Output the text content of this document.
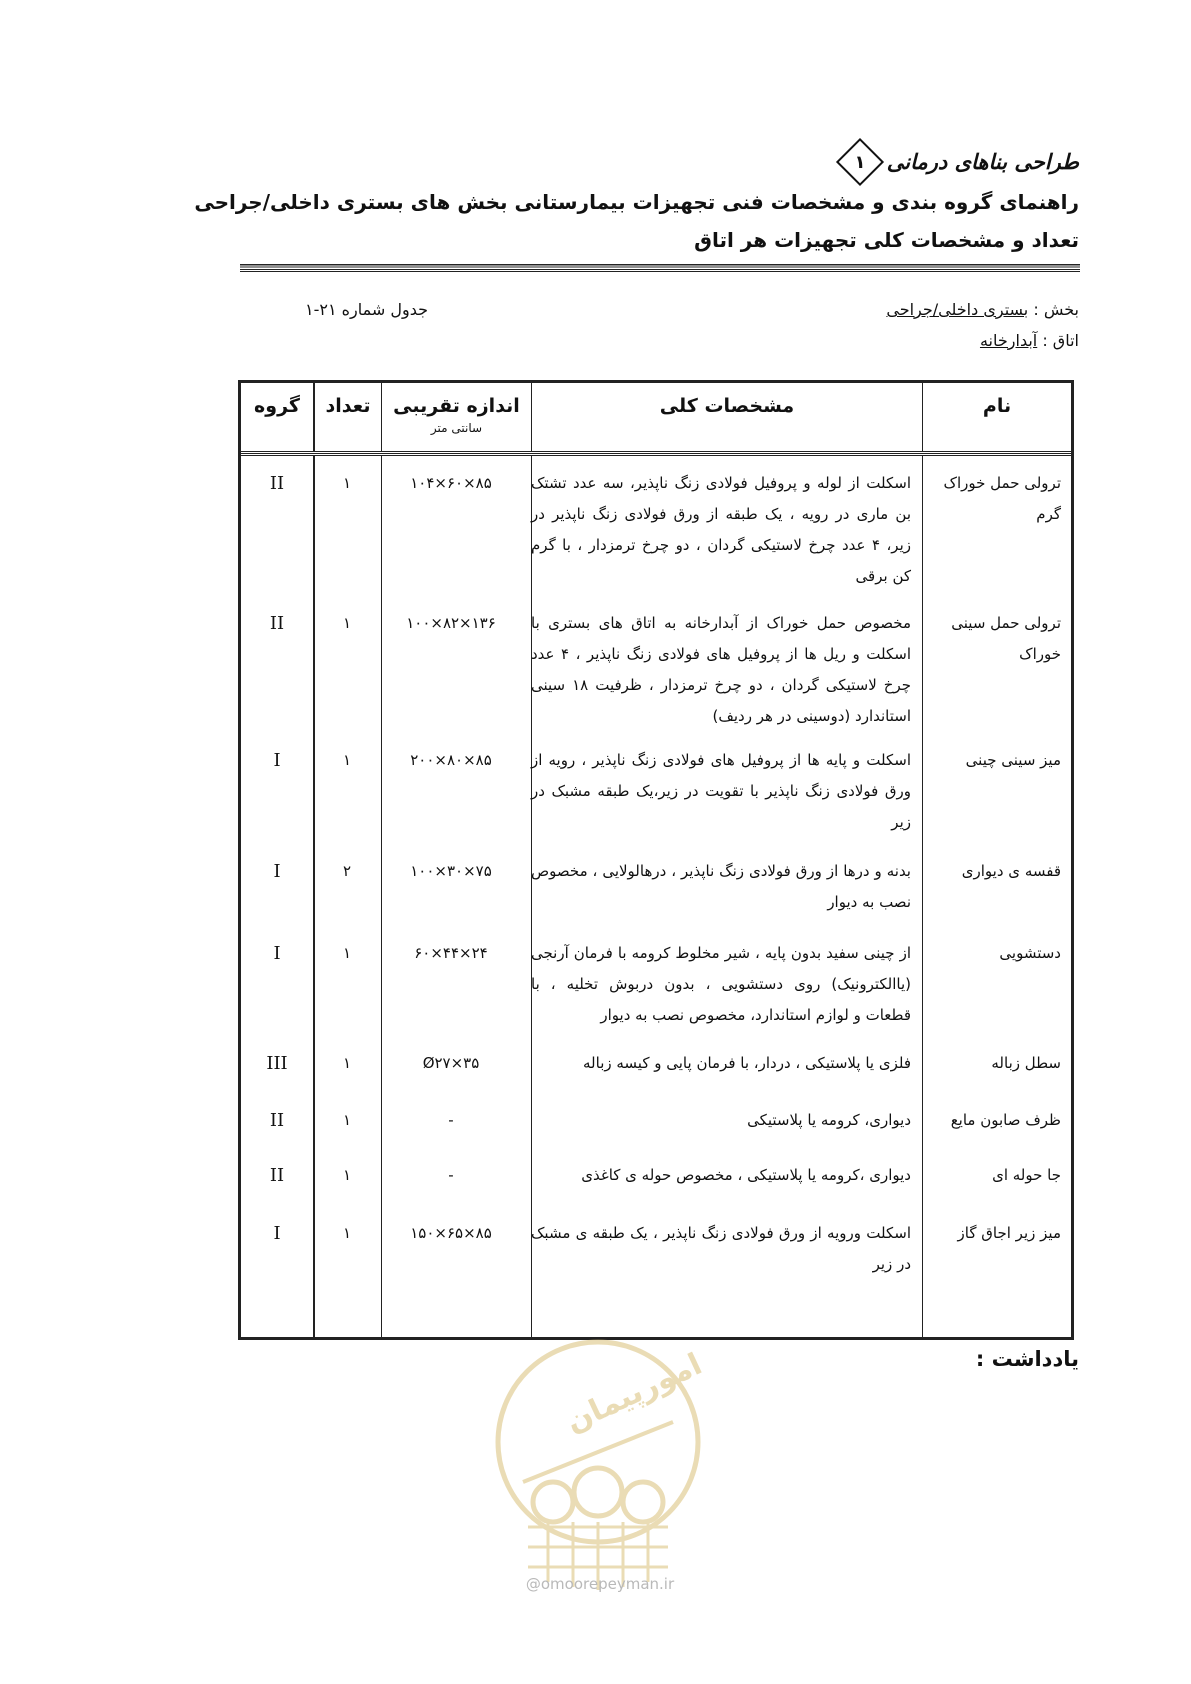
طراحی بناهای درمانی
۱
راهنمای گروه بندی و مشخصات فنی تجهیزات بیمارستانی بخش های بستری داخلی/جراحی
تعداد و مشخصات کلی تجهیزات هر اتاق
بخش : بستری داخلی/جراحی
اتاق : آبدارخانه
جدول شماره ۲۱-۱
نام
مشخصات کلی
اندازه تقریبی
سانتی متر
تعداد
گروه
ترولی حمل خوراک گرم
اسکلت از لوله و پروفیل فولادی زنگ ناپذیر، سه عدد تشتک بن ماری در رویه ، یک طبقه از ورق فولادی زنگ ناپذیر در زیر، ۴ عدد چرخ لاستیکی گردان ، دو چرخ ترمزدار ، با گرم کن برقی
۱۰۴×۶۰×۸۵
۱
II
ترولی حمل سینی خوراک
مخصوص حمل خوراک از آبدارخانه به اتاق های بستری با اسکلت و ریل ها از پروفیل های فولادی زنگ ناپذیر ، ۴ عدد چرخ لاستیکی گردان ، دو چرخ ترمزدار ، ظرفیت ۱۸ سینی استاندارد (دوسینی در هر ردیف)
۱۰۰×۸۲×۱۳۶
۱
II
میز سینی چینی
اسکلت و پایه ها از پروفیل های فولادی زنگ ناپذیر ، رویه از ورق فولادی زنگ ناپذیر با تقویت در زیر،یک طبقه مشبک در زیر
۲۰۰×۸۰×۸۵
۱
I
قفسه ی دیواری
بدنه و درها از ورق فولادی زنگ ناپذیر ، درهالولایی ، مخصوص نصب به دیوار
۱۰۰×۳۰×۷۵
۲
I
دستشویی
از چینی سفید بدون پایه ، شیر مخلوط کرومه با فرمان آرنجی (یاالکترونیک) روی دستشویی ، بدون دربوش تخلیه ، با قطعات و لوازم استاندارد، مخصوص نصب به دیوار
۶۰×۴۴×۲۴
۱
I
سطل زباله
فلزی یا پلاستیکی ، دردار، با فرمان پایی و کیسه زباله
Ø۲۷×۳۵
۱
III
ظرف صابون مایع
دیواری، کرومه یا پلاستیکی
-
۱
II
جا حوله ای
دیواری ،کرومه یا پلاستیکی ، مخصوص حوله ی کاغذی
-
۱
II
میز زیر اجاق گاز
اسکلت ورویه از ورق فولادی زنگ ناپذیر ، یک طبقه ی مشبک در زیر
۱۵۰×۶۵×۸۵
۱
I
یادداشت :
امورپیمان
@omoorepeyman.ir
